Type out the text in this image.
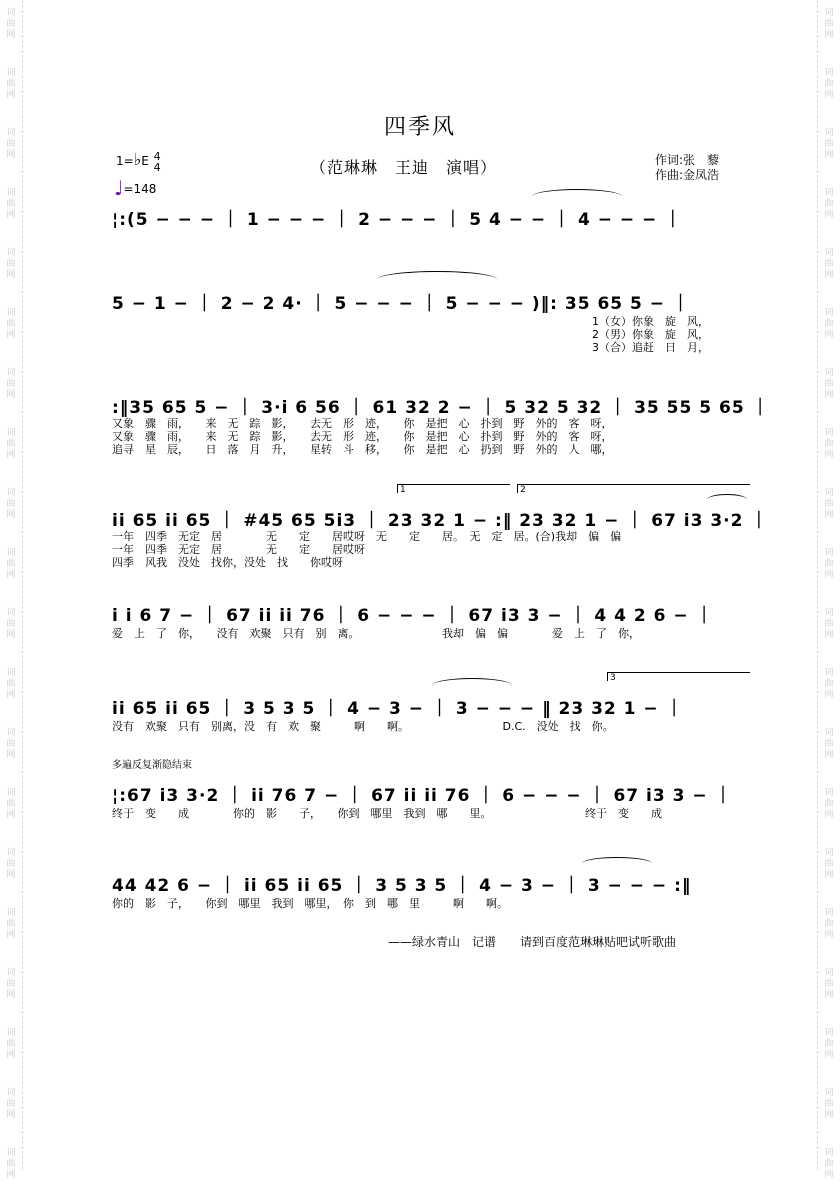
词
曲
网
词
曲
网
词
曲
网
词
曲
网
词
曲
网
词
曲
网
词
曲
网
词
曲
网
词
曲
网
词
曲
网
词
曲
网
词
曲
网
词
曲
网
词
曲
网
词
曲
网
词
曲
网
词
曲
网
词
曲
网
词
曲
网
词
曲
网
词
曲
网
词
曲
网
词
曲
网
词
曲
网
词
曲
网
词
曲
网
词
曲
网
词
曲
网
词
曲
网
词
曲
网
词
曲
网
词
曲
网
词
曲
网
词
曲
网
词
曲
网
词
曲
网
词
曲
网
词
曲
网
词
曲
网
词
曲
网
四季风
（范琳琳　王迪　演唱）	作词:张　藜
作曲:金凤浩
1=♭E 4
4
♩=148
¦:(5 − − − ｜ 1 − − − ｜ 2 − − − ｜ 5 4 − − ｜ 4 − − − ｜
5 − 1 − ｜ 2 − 2 4· ｜ 5 − − − ｜ 5 − − − )‖: 35 65 5 − ｜
1（女）你象　旋　风，
2（男）你象　旋　风，
3（合）追赶　日　月，
:‖35 65 5 − ｜ 3·i 6 56 ｜ 61 32 2 − ｜ 5 32 5 32 ｜ 35 55 5 65 ｜
又象　骤　雨，　　来　无　踪　影，　　去无　形　迹，　　你　是把　心　扑到　野　外的　客　呀，
又象　骤　雨，　　来　无　踪　影，　　去无　形　迹，　　你　是把　心　扑到　野　外的　客　呀，
追寻　星　辰，　　日　落　月　升，　　星转　斗　移，　　你　是把　心　扔到　野　外的　人　哪，
1	2
ii 65 ii 65 ｜ #45 65 5i3 ｜ 23 32 1 − :‖ 23 32 1 − ｜ 67 i3 3·2 ｜
一年　四季　无定　居　　　　无　　定　　居哎呀　无　　定　　居。　无　定　居。(合)我却　偏　偏
一年　四季　无定　居　　　　无　　定　　居哎呀
四季　风我　没处　找你，没处　找　　你哎呀
i i 6 7 − ｜ 67 ii ii 76 ｜ 6 − − − ｜ 67 i3 3 − ｜ 4 4 2 6 − ｜
爱　上　了　你，　　没有　欢聚　只有　别　离。　　　　　　　　我却　偏　偏　　　　爱　上　了　你，
3
ii 65 ii 65 ｜ 3 5 3 5 ｜ 4 − 3 − ｜ 3 − − − ‖ 23 32 1 − ｜
没有　欢聚　只有　别离，没　有　欢　聚　　　啊　　啊。　　　　　　　　　D.C.　没处　找　你。
多遍反复渐隐结束
¦:67 i3 3·2 ｜ ii 76 7 − ｜ 67 ii ii 76 ｜ 6 − − − ｜ 67 i3 3 − ｜
终于　变　　成　　　　你的　影　　子，　　你到　哪里　我到　哪　　里。　　　　　　　　　终于　变　　成
44 42 6 − ｜ ii 65 ii 65 ｜ 3 5 3 5 ｜ 4 − 3 − ｜ 3 − − − :‖
你的　影　子，　　你到　哪里　我到　哪里，　你　到　哪　里　　　啊　　啊。
——绿水青山　记谱　　请到百度范琳琳贴吧试听歌曲
